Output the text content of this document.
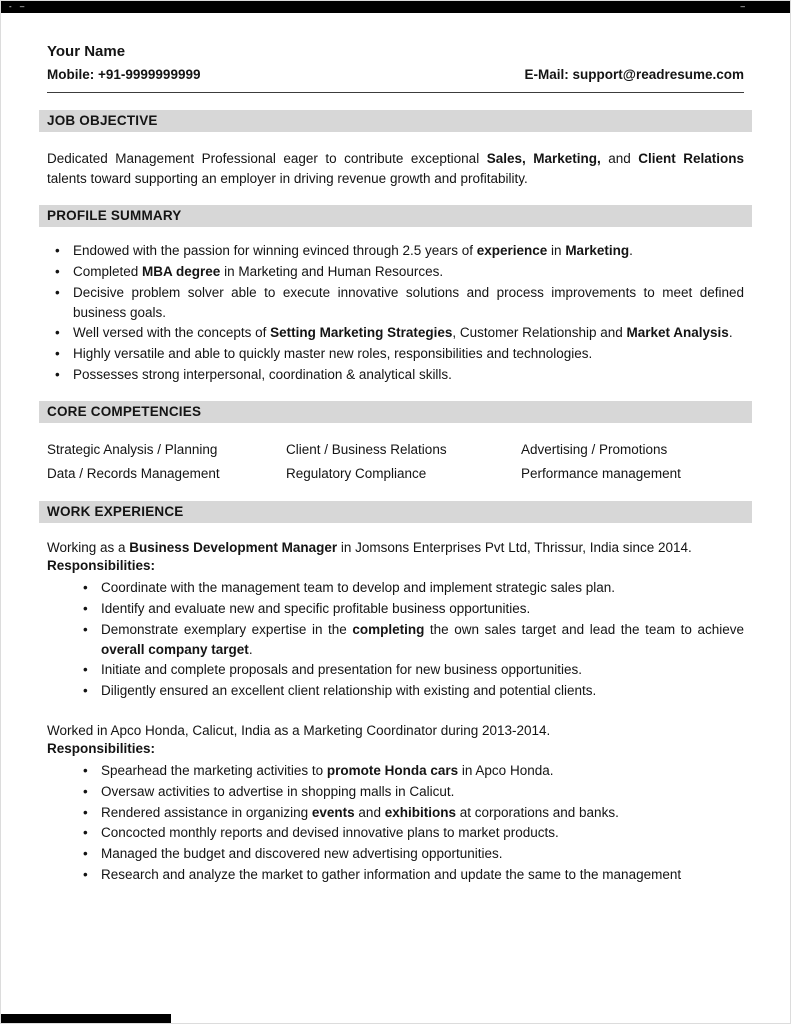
- –	–
Your Name
Mobile: +91-9999999999	E-Mail: support@readresume.com
JOB OBJECTIVE

Dedicated Management Professional eager to contribute exceptional Sales, Marketing, and Client Relations talents toward supporting an employer in driving revenue growth and profitability.

PROFILE SUMMARY
• Endowed with the passion for winning evinced through 2.5 years of experience in Marketing.
• Completed MBA degree in Marketing and Human Resources.
• Decisive problem solver able to execute innovative solutions and process improvements to meet defined business goals.
• Well versed with the concepts of Setting Marketing Strategies, Customer Relationship and Market Analysis.
• Highly versatile and able to quickly master new roles, responsibilities and technologies.
• Possesses strong interpersonal, coordination & analytical skills.
CORE COMPETENCIES
Strategic Analysis / Planning	Client / Business Relations	Advertising / Promotions
Data / Records Management	Regulatory Compliance	Performance management
WORK EXPERIENCE

Working as a Business Development Manager in Jomsons Enterprises Pvt Ltd, Thrissur, India since 2014.

Responsibilities:

• Coordinate with the management team to develop and implement strategic sales plan.
• Identify and evaluate new and specific profitable business opportunities.
• Demonstrate exemplary expertise in the completing the own sales target and lead the team to achieve overall company target.
• Initiate and complete proposals and presentation for new business opportunities.
• Diligently ensured an excellent client relationship with existing and potential clients.

Worked in Apco Honda, Calicut, India as a Marketing Coordinator during 2013-2014.

Responsibilities:

• Spearhead the marketing activities to promote Honda cars in Apco Honda.
• Oversaw activities to advertise in shopping malls in Calicut.
• Rendered assistance in organizing events and exhibitions at corporations and banks.
• Concocted monthly reports and devised innovative plans to market products.
• Managed the budget and discovered new advertising opportunities.
• Research and analyze the market to gather information and update the same to the management
